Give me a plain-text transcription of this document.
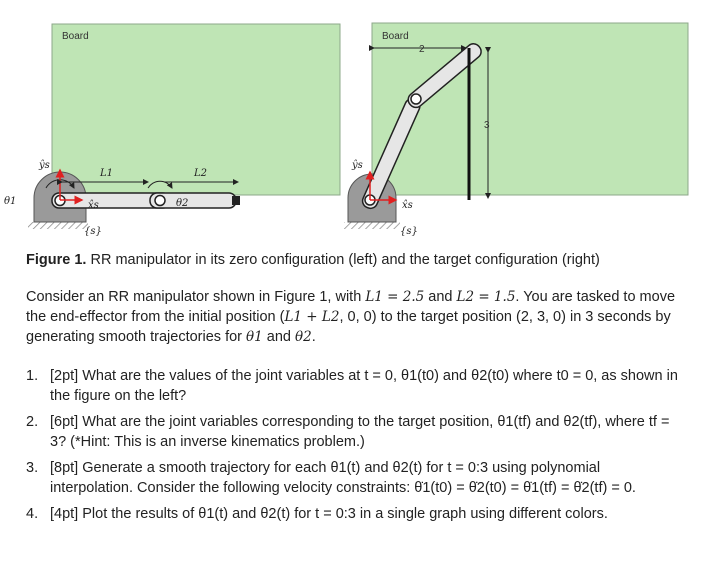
Board
θ1	θ2
ŷs
x̂s
{s}
L1	L2
Board
2
3
ŷs
x̂s
{s}
Figure 1. RR manipulator in its zero configuration (left) and the target configuration (right)
Consider an RR manipulator shown in Figure 1, with L1 = 2.5 and L2 = 1.5. You are tasked to move the end-effector from the initial position (L1 + L2, 0, 0) to the target position (2, 3, 0) in 3 seconds by generating smooth trajectories for θ1 and θ2.
1. [2pt] What are the values of the joint variables at t = 0, θ1(t0) and θ2(t0) where t0 = 0, as shown in the figure on the left?
2. [6pt] What are the joint variables corresponding to the target position, θ1(tf) and θ2(tf), where tf = 3? (*Hint: This is an inverse kinematics problem.)
3. [8pt] Generate a smooth trajectory for each θ1(t) and θ2(t) for t = 0:3 using polynomial interpolation. Consider the following velocity constraints: θ̇1(t0) = θ̇2(t0) = θ̇1(tf) = θ̇2(tf) = 0.
4. [4pt] Plot the results of θ1(t) and θ2(t) for t = 0:3 in a single graph using different colors.
